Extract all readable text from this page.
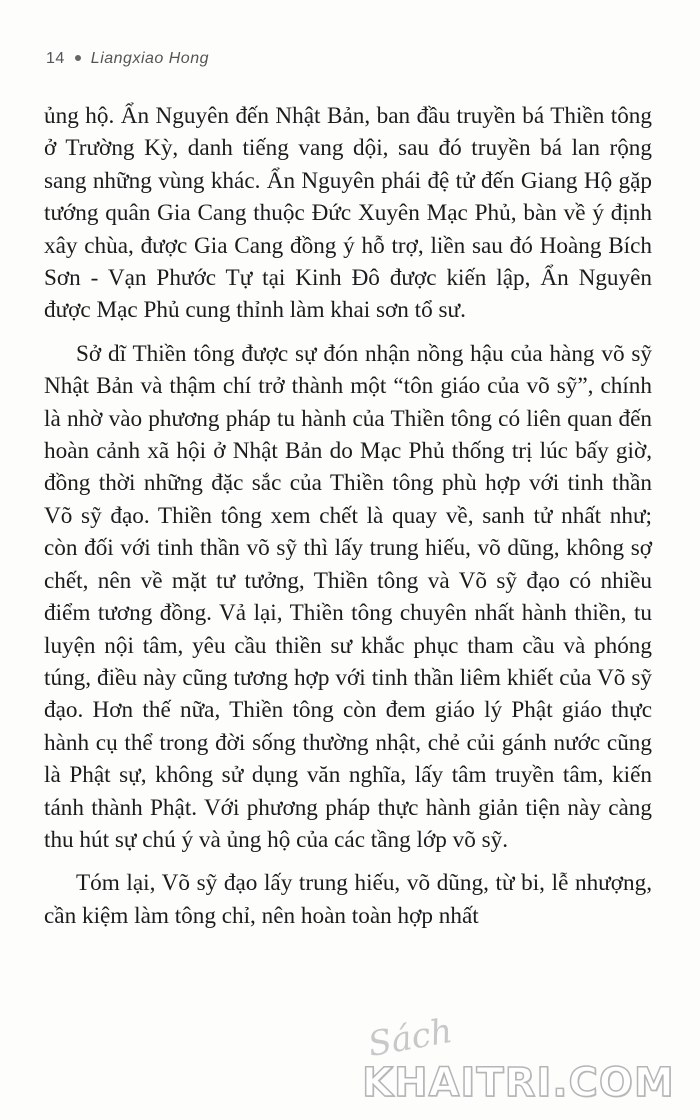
14 Liangxiao Hong

ủng hộ. Ẩn Nguyên đến Nhật Bản, ban đầu truyền bá Thiền tông ở Trường Kỳ, danh tiếng vang dội, sau đó truyền bá lan rộng sang những vùng khác. Ẩn Nguyên phái đệ tử đến Giang Hộ gặp tướng quân Gia Cang thuộc Đức Xuyên Mạc Phủ, bàn về ý định xây chùa, được Gia Cang đồng ý hỗ trợ, liền sau đó Hoàng Bích Sơn - Vạn Phước Tự tại Kinh Đô được kiến lập, Ẩn Nguyên được Mạc Phủ cung thỉnh làm khai sơn tổ sư.

Sở dĩ Thiền tông được sự đón nhận nồng hậu của hàng võ sỹ Nhật Bản và thậm chí trở thành một “tôn giáo của võ sỹ”, chính là nhờ vào phương pháp tu hành của Thiền tông có liên quan đến hoàn cảnh xã hội ở Nhật Bản do Mạc Phủ thống trị lúc bấy giờ, đồng thời những đặc sắc của Thiền tông phù hợp với tinh thần Võ sỹ đạo. Thiền tông xem chết là quay về, sanh tử nhất như; còn đối với tinh thần võ sỹ thì lấy trung hiếu, võ dũng, không sợ chết, nên về mặt tư tưởng, Thiền tông và Võ sỹ đạo có nhiều điểm tương đồng. Vả lại, Thiền tông chuyên nhất hành thiền, tu luyện nội tâm, yêu cầu thiền sư khắc phục tham cầu và phóng túng, điều này cũng tương hợp với tinh thần liêm khiết của Võ sỹ đạo. Hơn thế nữa, Thiền tông còn đem giáo lý Phật giáo thực hành cụ thể trong đời sống thường nhật, chẻ củi gánh nước cũng là Phật sự, không sử dụng văn nghĩa, lấy tâm truyền tâm, kiến tánh thành Phật. Với phương pháp thực hành giản tiện này càng thu hút sự chú ý và ủng hộ của các tầng lớp võ sỹ.

Tóm lại, Võ sỹ đạo lấy trung hiếu, võ dũng, từ bi, lễ nhượng, cần kiệm làm tông chỉ, nên hoàn toàn hợp nhất

Sách
KHAITRI.COM
